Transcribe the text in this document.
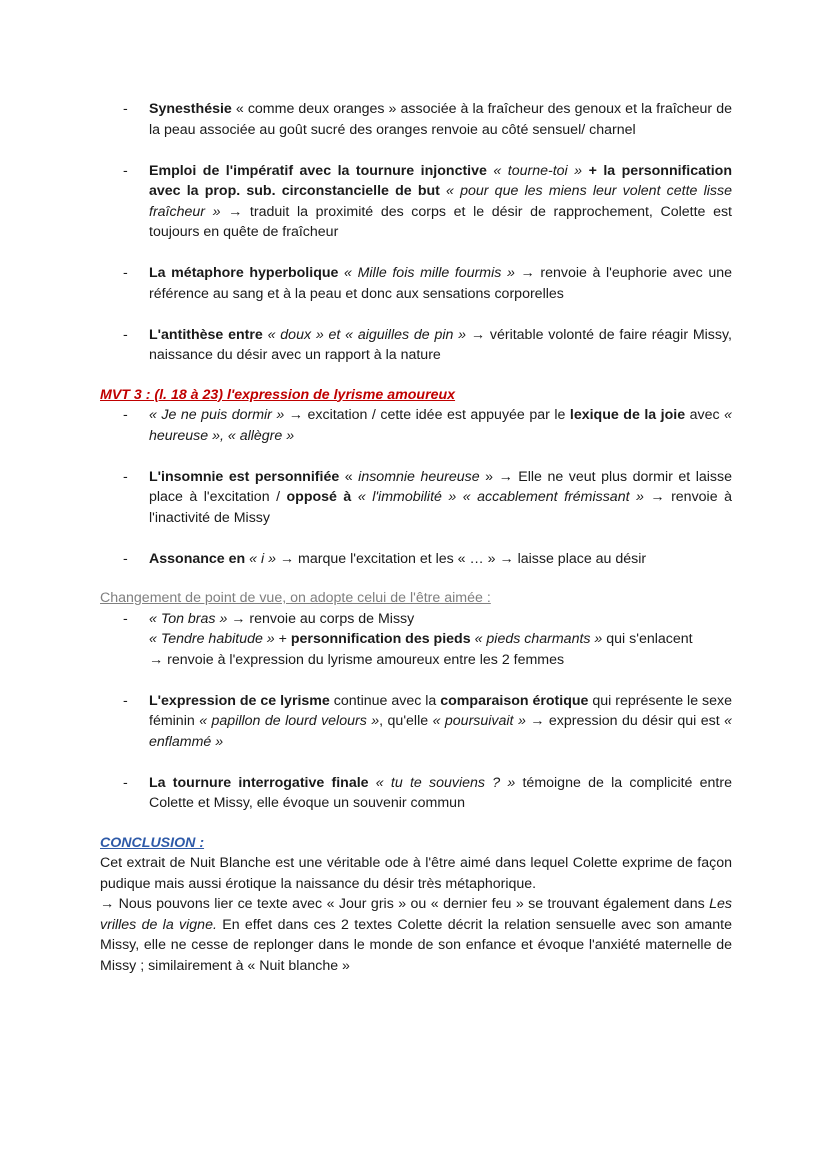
- Synesthésie « comme deux oranges » associée à la fraîcheur des genoux et la fraîcheur de la peau associée au goût sucré des oranges renvoie au côté sensuel/ charnel
- Emploi de l'impératif avec la tournure injonctive « tourne-toi » + la personnification avec la prop. sub. circonstancielle de but « pour que les miens leur volent cette lisse fraîcheur » → traduit la proximité des corps et le désir de rapprochement, Colette est toujours en quête de fraîcheur
- La métaphore hyperbolique « Mille fois mille fourmis » → renvoie à l'euphorie avec une référence au sang et à la peau et donc aux sensations corporelles
- L'antithèse entre « doux » et « aiguilles de pin » → véritable volonté de faire réagir Missy, naissance du désir avec un rapport à la nature

MVT 3 : (l. 18 à 23) l'expression de lyrisme amoureux

- « Je ne puis dormir » → excitation / cette idée est appuyée par le lexique de la joie avec « heureuse », « allègre »
- L'insomnie est personnifiée « insomnie heureuse » → Elle ne veut plus dormir et laisse place à l'excitation / opposé à « l'immobilité » « accablement frémissant » → renvoie à l'inactivité de Missy
- Assonance en « i » → marque l'excitation et les « … » → laisse place au désir

Changement de point de vue, on adopte celui de l'être aimée :

- « Ton bras » → renvoie au corps de Missy
« Tendre habitude » + personnification des pieds « pieds charmants » qui s'enlacent
→ renvoie à l'expression du lyrisme amoureux entre les 2 femmes
- L'expression de ce lyrisme continue avec la comparaison érotique qui représente le sexe féminin « papillon de lourd velours », qu'elle « poursuivait » → expression du désir qui est « enflammé »
- La tournure interrogative finale « tu te souviens ? » témoigne de la complicité entre Colette et Missy, elle évoque un souvenir commun

CONCLUSION :

Cet extrait de Nuit Blanche est une véritable ode à l'être aimé dans lequel Colette exprime de façon pudique mais aussi érotique la naissance du désir très métaphorique.

→ Nous pouvons lier ce texte avec « Jour gris » ou « dernier feu » se trouvant également dans Les vrilles de la vigne. En effet dans ces 2 textes Colette décrit la relation sensuelle avec son amante Missy, elle ne cesse de replonger dans le monde de son enfance et évoque l'anxiété maternelle de Missy ; similairement à « Nuit blanche »
